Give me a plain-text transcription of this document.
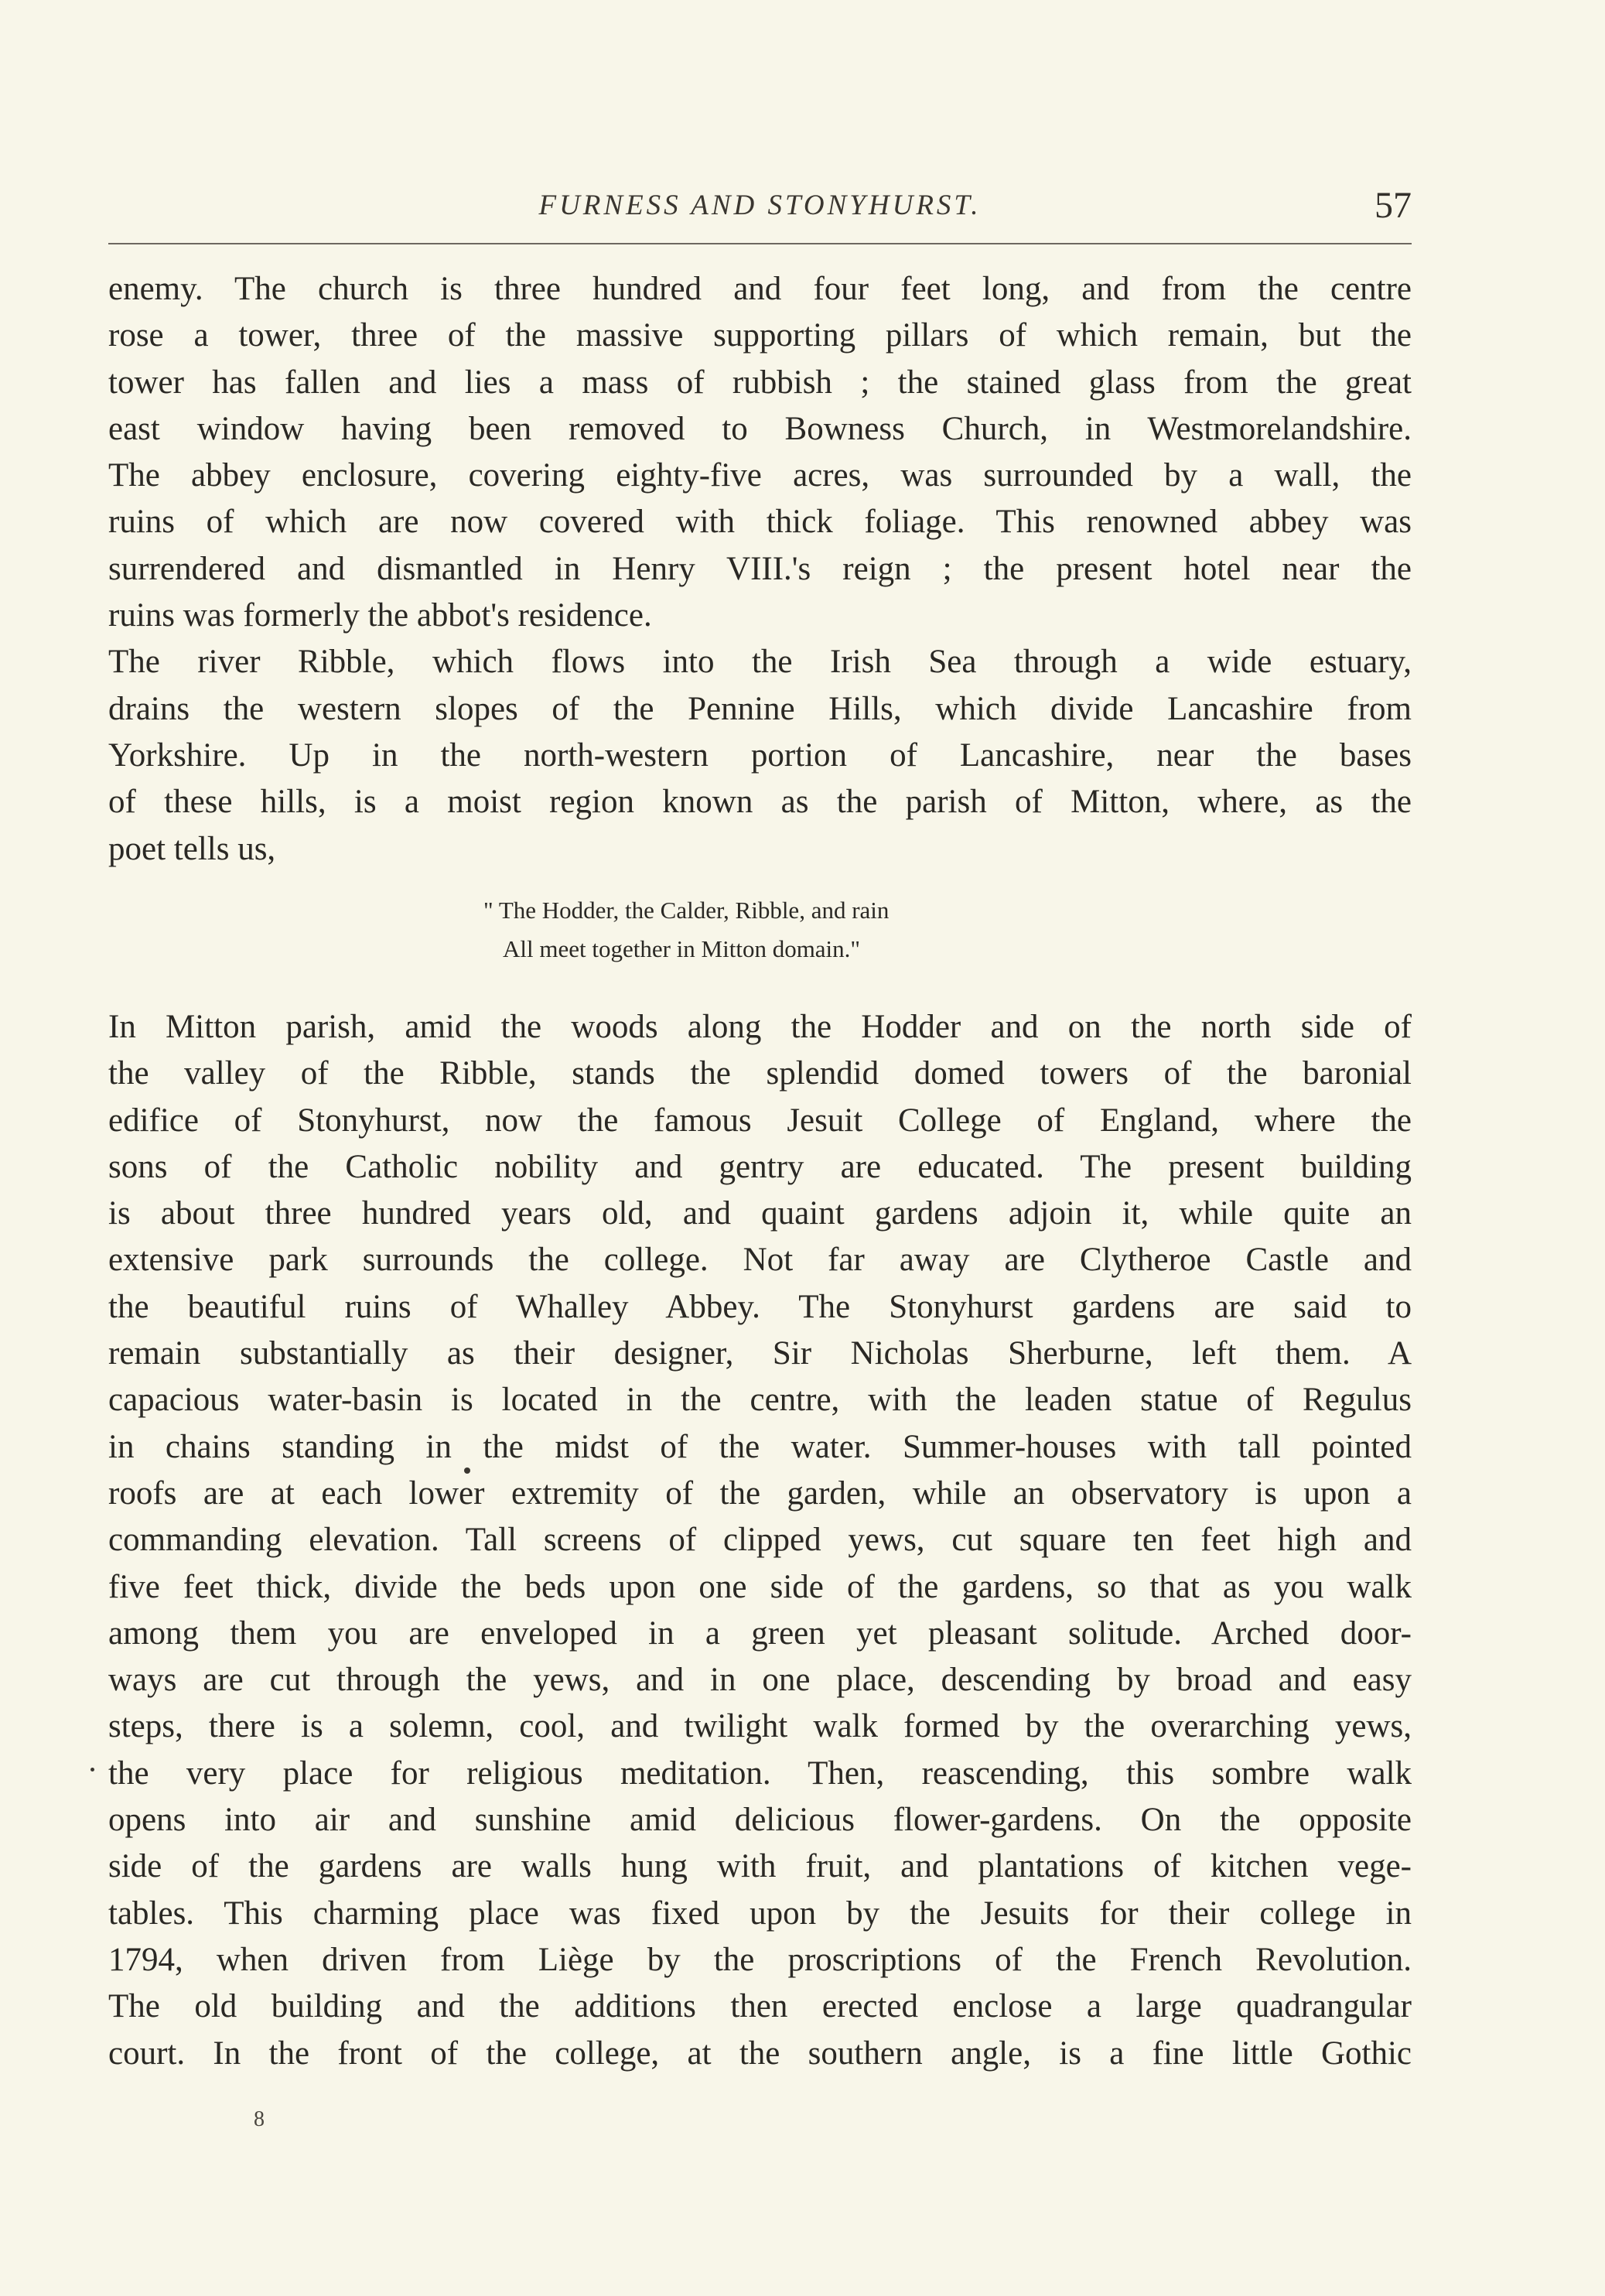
FURNESS AND STONYHURST.	57
enemy. The church is three hundred and four feet long, and from the centre
rose a tower, three of the massive supporting pillars of which remain, but the
tower has fallen and lies a mass of rubbish ; the stained glass from the great
east window having been removed to Bowness Church, in Westmorelandshire.
The abbey enclosure, covering eighty-five acres, was surrounded by a wall, the
ruins of which are now covered with thick foliage. This renowned abbey was
surrendered and dismantled in Henry VIII.'s reign ; the present hotel near the
ruins was formerly the abbot's residence.
The river Ribble, which flows into the Irish Sea through a wide estuary,
drains the western slopes of the Pennine Hills, which divide Lancashire from
Yorkshire. Up in the north-western portion of Lancashire, near the bases
of these hills, is a moist region known as the parish of Mitton, where, as the
poet tells us,
" The Hodder, the Calder, Ribble, and rain
All meet together in Mitton domain."
In Mitton parish, amid the woods along the Hodder and on the north side of
the valley of the Ribble, stands the splendid domed towers of the baronial
edifice of Stonyhurst, now the famous Jesuit College of England, where the
sons of the Catholic nobility and gentry are educated. The present building
is about three hundred years old, and quaint gardens adjoin it, while quite an
extensive park surrounds the college. Not far away are Clytheroe Castle and
the beautiful ruins of Whalley Abbey. The Stonyhurst gardens are said to
remain substantially as their designer, Sir Nicholas Sherburne, left them. A
capacious water-basin is located in the centre, with the leaden statue of Regulus
in chains standing in the midst of the water. Summer-houses with tall pointed
roofs are at each lower extremity of the garden, while an observatory is upon a
commanding elevation. Tall screens of clipped yews, cut square ten feet high and
five feet thick, divide the beds upon one side of the gardens, so that as you walk
among them you are enveloped in a green yet pleasant solitude. Arched door-
ways are cut through the yews, and in one place, descending by broad and easy
steps, there is a solemn, cool, and twilight walk formed by the overarching yews,
the very place for religious meditation. Then, reascending, this sombre walk
opens into air and sunshine amid delicious flower-gardens. On the opposite
side of the gardens are walls hung with fruit, and plantations of kitchen vege-
tables. This charming place was fixed upon by the Jesuits for their college in
1794, when driven from Liège by the proscriptions of the French Revolution.
The old building and the additions then erected enclose a large quadrangular
court. In the front of the college, at the southern angle, is a fine little Gothic
8
